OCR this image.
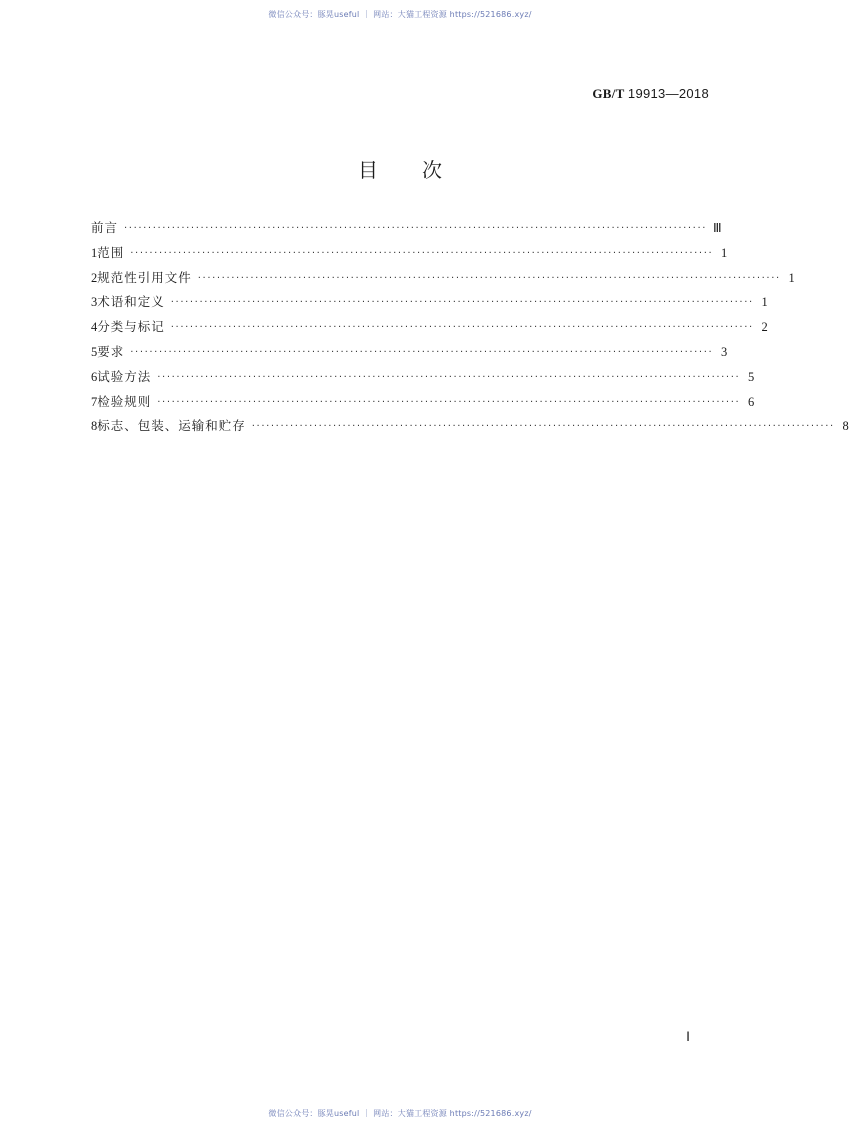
微信公众号：豚晃useful ｜ 网站：大猫工程资源 https://521686.xyz/
GB/T 19913—2018
目次
前言 ·························································································································· Ⅲ
1 范围 ·························································································································· 1
2 规范性引用文件 ·························································································································· 1
3 术语和定义 ·························································································································· 1
4 分类与标记 ·························································································································· 2
5 要求 ·························································································································· 3
6 试验方法 ·························································································································· 5
7 检验规则 ·························································································································· 6
8 标志、包装、运输和贮存 ·························································································································· 8
Ⅰ
微信公众号：豚晃useful ｜ 网站：大猫工程资源 https://521686.xyz/
